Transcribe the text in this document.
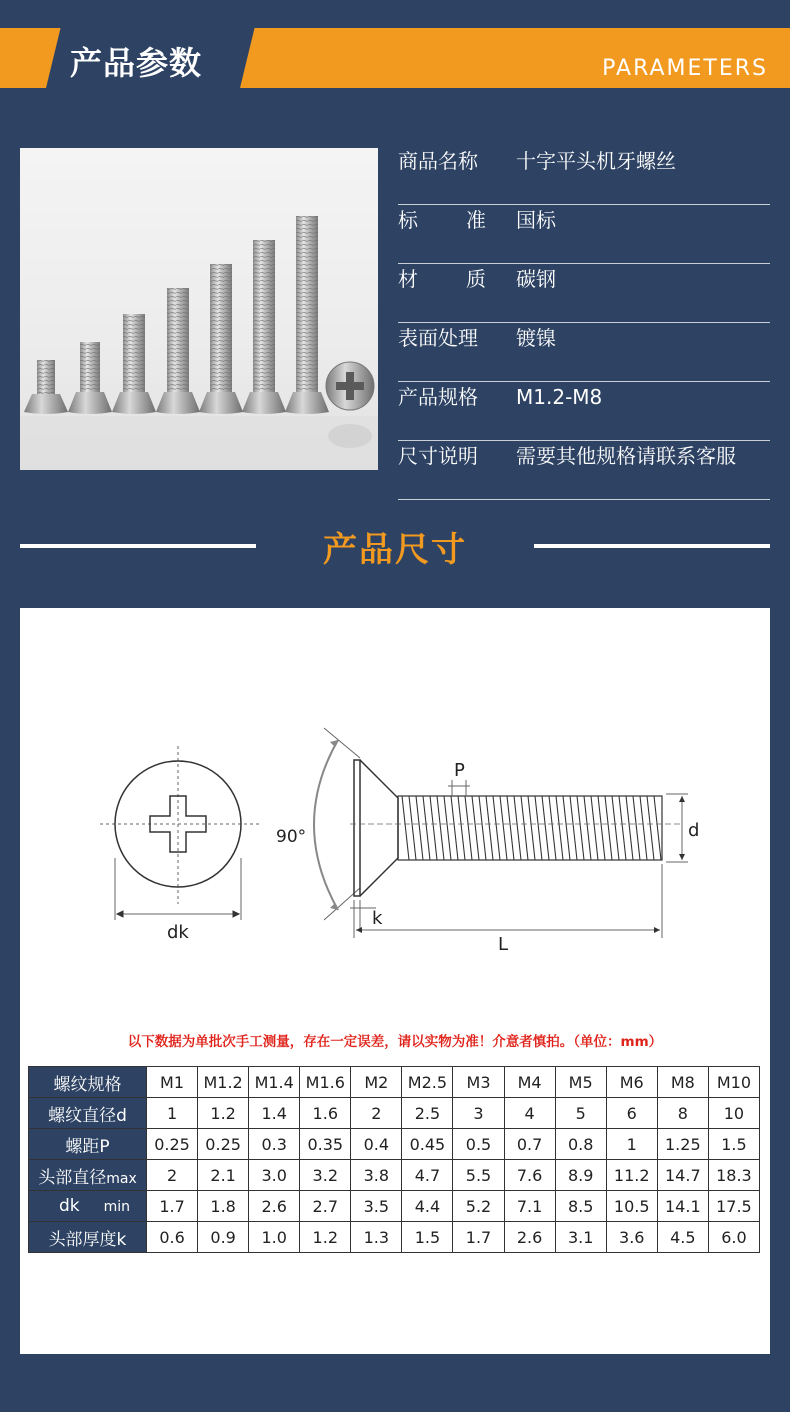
产品参数	PARAMETERS
商品名称	十字平头机牙螺丝
标 准 国标
材 质 碳钢
表面处理	镀镍
产品规格	M1.2-M8
尺寸说明	需要其他规格请联系客服
产品尺寸
dk
90°
P
d
k
L
以下数据为单批次手工测量，存在一定误差，请以实物为准！介意者慎拍。（单位：mm）
螺纹规格	M1	M1.2	M1.4	M1.6	M2	M2.5	M3	M4	M5	M6	M8	M10
螺纹直径d	1	1.2	1.4	1.6	2	2.5	3	4	5	6	8	10
螺距P	0.25	0.25	0.3	0.35	0.4	0.45	0.5	0.7	0.8	1	1.25	1.5
头部直径max	2	2.1	3.0	3.2	3.8	4.7	5.5	7.6	8.9	11.2	14.7	18.3
dk min	1.7	1.8	2.6	2.7	3.5	4.4	5.2	7.1	8.5	10.5	14.1	17.5
头部厚度k	0.6	0.9	1.0	1.2	1.3	1.5	1.7	2.6	3.1	3.6	4.5	6.0
